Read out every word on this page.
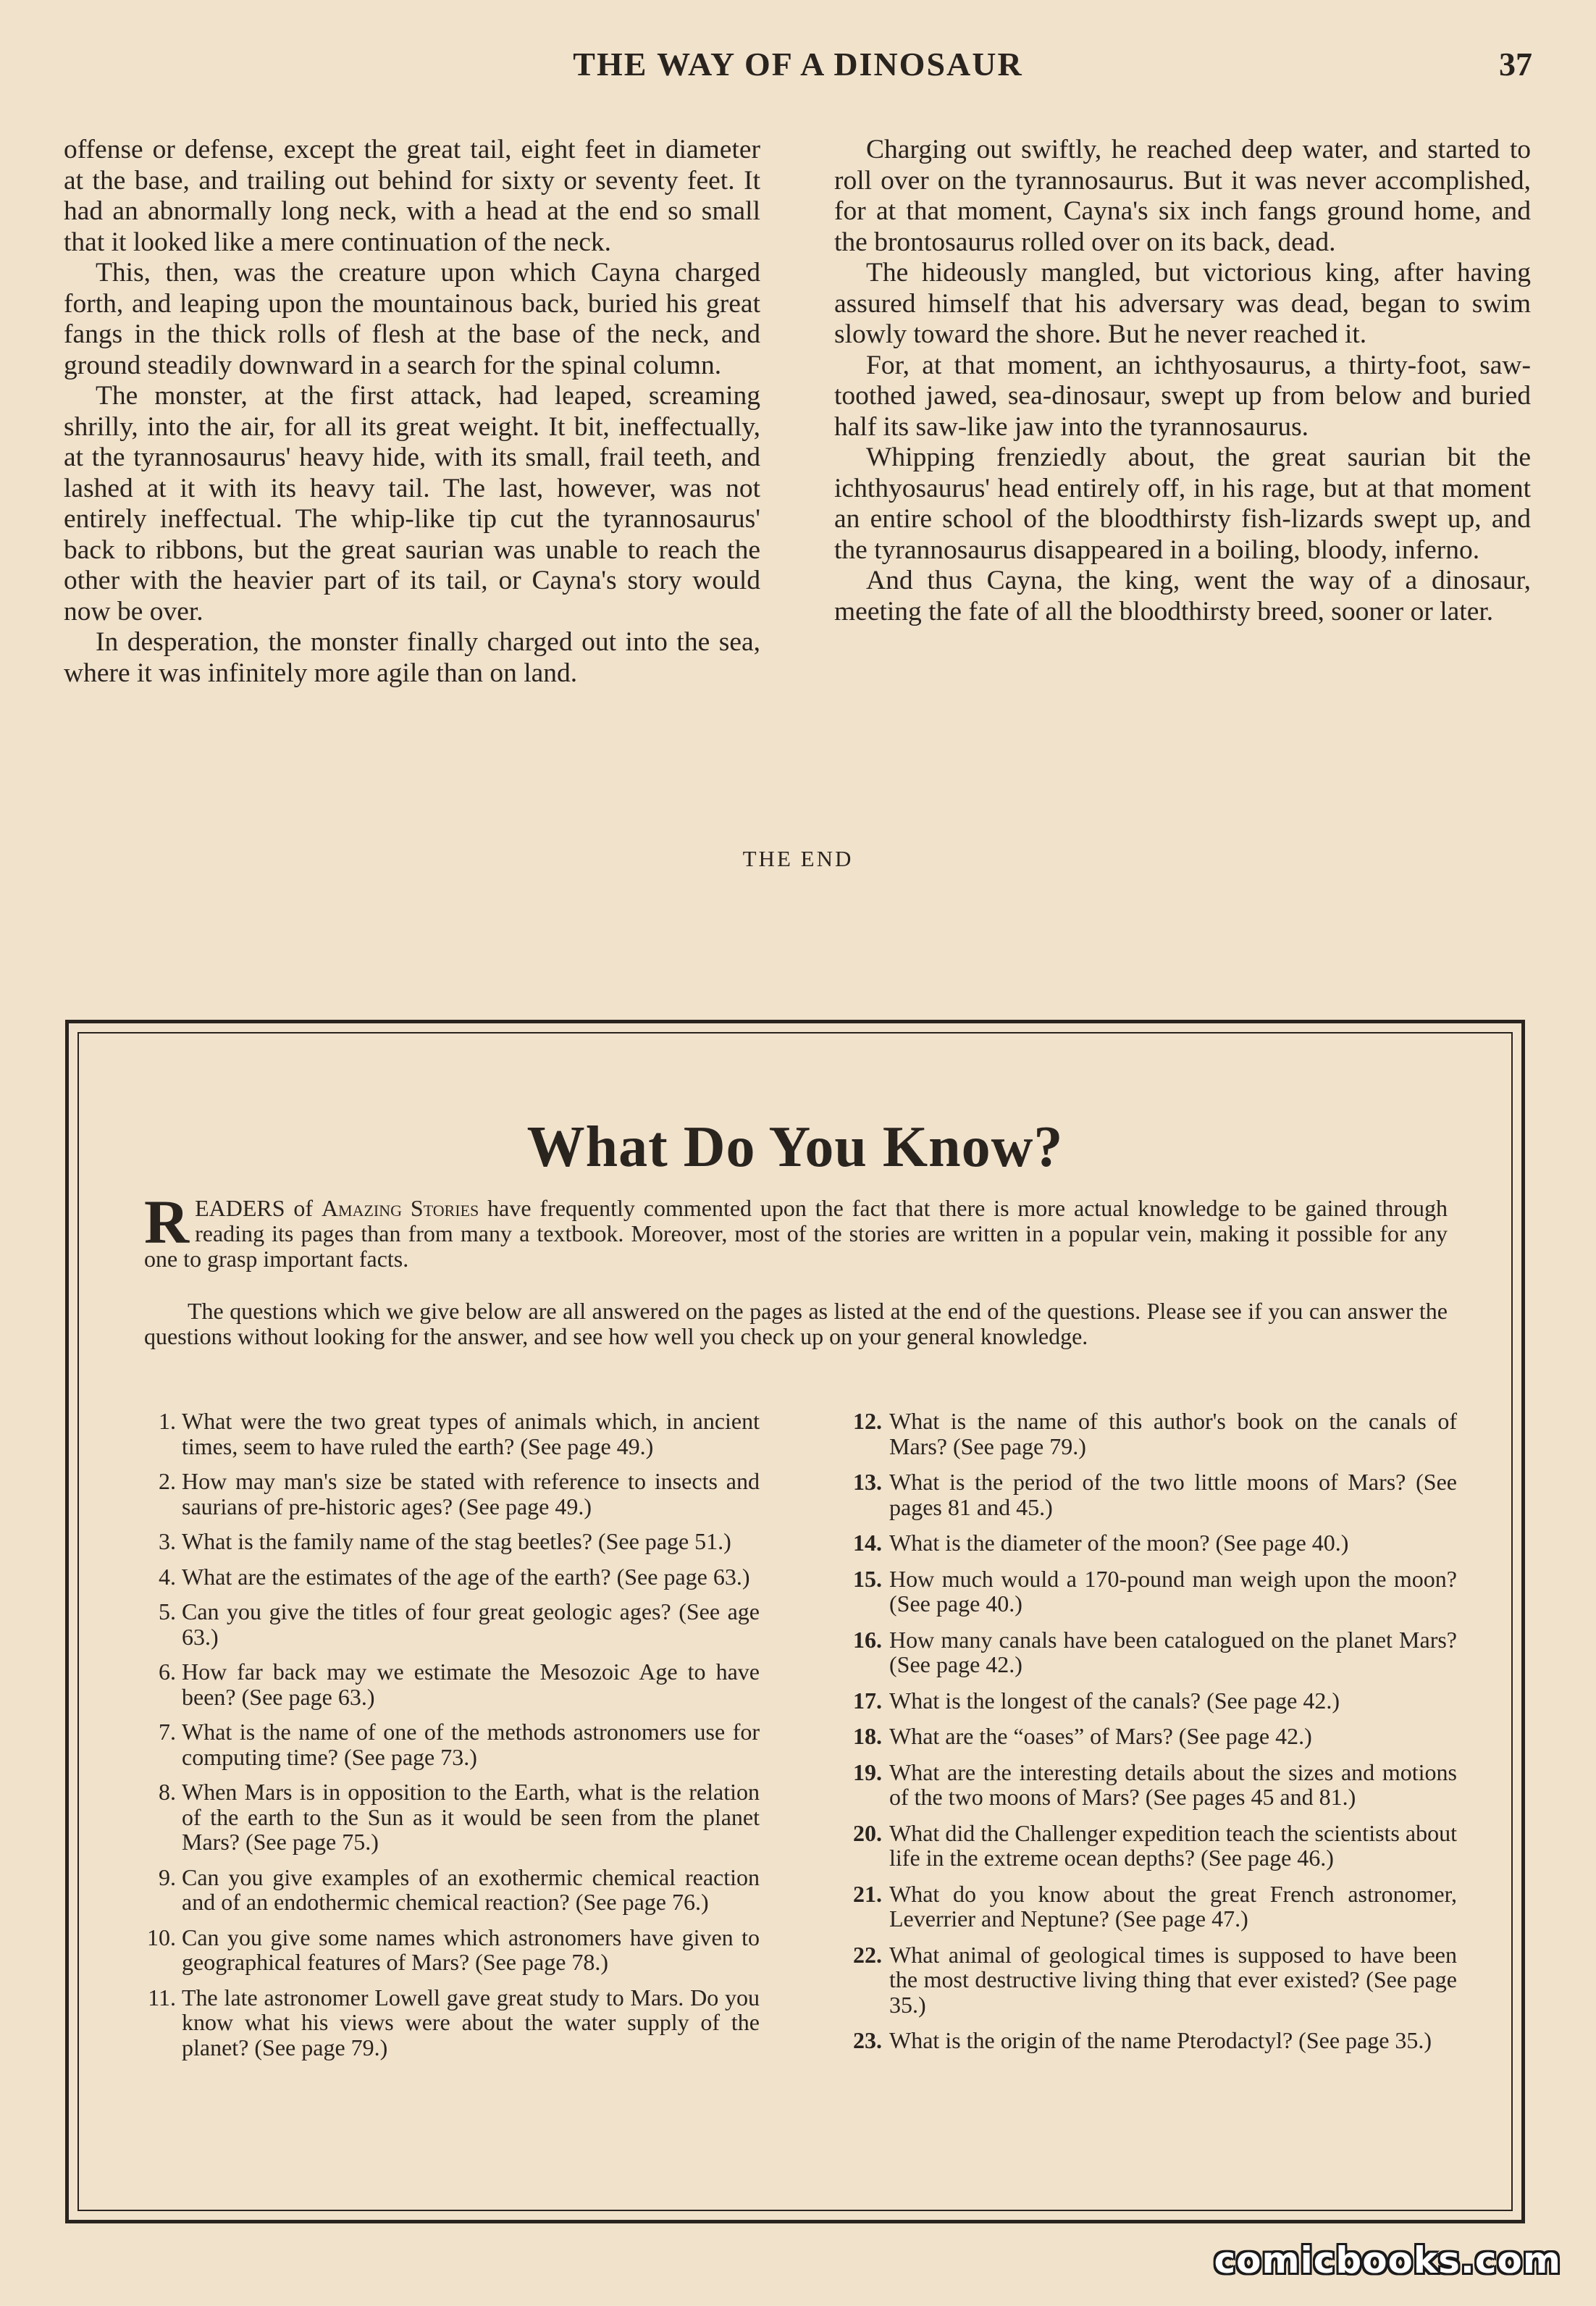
THE WAY OF A DINOSAUR	37

offense or defense, except the great tail, eight feet in diameter at the base, and trailing out behind for sixty or seventy feet. It had an abnormally long neck, with a head at the end so small that it looked like a mere continuation of the neck.

This, then, was the creature upon which Cayna charged forth, and leaping upon the mountainous back, buried his great fangs in the thick rolls of flesh at the base of the neck, and ground steadily downward in a search for the spinal column.

The monster, at the first attack, had leaped, screaming shrilly, into the air, for all its great weight. It bit, ineffectually, at the tyrannosaurus' heavy hide, with its small, frail teeth, and lashed at it with its heavy tail. The last, however, was not entirely ineffectual. The whip-like tip cut the tyrannosaurus' back to ribbons, but the great saurian was unable to reach the other with the heavier part of its tail, or Cayna's story would now be over.

In desperation, the monster finally charged out into the sea, where it was infinitely more agile than on land.

Charging out swiftly, he reached deep water, and started to roll over on the tyrannosaurus. But it was never accomplished, for at that moment, Cayna's six inch fangs ground home, and the brontosaurus rolled over on its back, dead.

The hideously mangled, but victorious king, after having assured himself that his adversary was dead, began to swim slowly toward the shore. But he never reached it.

For, at that moment, an ichthyosaurus, a thirty-foot, saw-toothed jawed, sea-dinosaur, swept up from below and buried half its saw-like jaw into the tyrannosaurus.

Whipping frenziedly about, the great saurian bit the ichthyosaurus' head entirely off, in his rage, but at that moment an entire school of the bloodthirsty fish-lizards swept up, and the tyrannosaurus disappeared in a boiling, bloody, inferno.

And thus Cayna, the king, went the way of a dinosaur, meeting the fate of all the bloodthirsty breed, sooner or later.

THE END
What Do You Know?
READERS of Amazing Stories have frequently commented upon the fact that there is more actual knowledge to be gained through reading its pages than from many a textbook. Moreover, most of the stories are written in a popular vein, making it possible for any one to grasp important facts.
The questions which we give below are all answered on the pages as listed at the end of the questions. Please see if you can answer the questions without looking for the answer, and see how well you check up on your general knowledge.
1. What were the two great types of animals which, in ancient times, seem to have ruled the earth? (See page 49.)
2. How may man's size be stated with reference to insects and saurians of pre-historic ages? (See page 49.)
3. What is the family name of the stag beetles? (See page 51.)
4. What are the estimates of the age of the earth? (See page 63.)
5. Can you give the titles of four great geologic ages? (See age 63.)
6. How far back may we estimate the Mesozoic Age to have been? (See page 63.)
7. What is the name of one of the methods astronomers use for computing time? (See page 73.)
8. When Mars is in opposition to the Earth, what is the relation of the earth to the Sun as it would be seen from the planet Mars? (See page 75.)
9. Can you give examples of an exothermic chemical reaction and of an endothermic chemical reaction? (See page 76.)
10. Can you give some names which astronomers have given to geographical features of Mars? (See page 78.)
11. The late astronomer Lowell gave great study to Mars. Do you know what his views were about the water supply of the planet? (See page 79.)
12. What is the name of this author's book on the canals of Mars? (See page 79.)
13. What is the period of the two little moons of Mars? (See pages 81 and 45.)
14. What is the diameter of the moon? (See page 40.)
15. How much would a 170-pound man weigh upon the moon? (See page 40.)
16. How many canals have been catalogued on the planet Mars? (See page 42.)
17. What is the longest of the canals? (See page 42.)
18. What are the “oases” of Mars? (See page 42.)
19. What are the interesting details about the sizes and motions of the two moons of Mars? (See pages 45 and 81.)
20. What did the Challenger expedition teach the scientists about life in the extreme ocean depths? (See page 46.)
21. What do you know about the great French astronomer, Leverrier and Neptune? (See page 47.)
22. What animal of geological times is supposed to have been the most destructive living thing that ever existed? (See page 35.)
23. What is the origin of the name Pterodactyl? (See page 35.)
comicbooks.com
